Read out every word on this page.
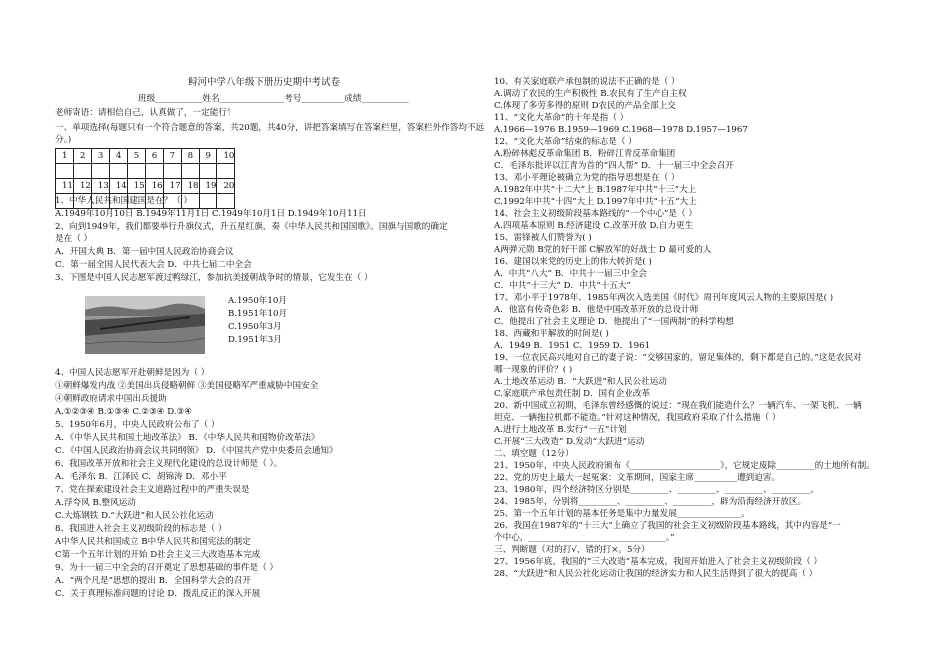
鲟河中学八年级下册历史期中考试卷
班级___________姓名_______________考号__________成绩___________
老师寄语：请相信自己，认真做了，一定能行！
一、单项选择(每题只有一个符合题意的答案，共20题，共40分，讲把答案填写在答案栏里，答案栏外作答均不远
分。)
1	2	3	4	5	6	7	8	9	10

11	12	13	14	15	16	17	18	19	20

1、中华人民共和国建国是在？（ ）
A.1949年10月10日 B.1949年11月1日 C.1949年10月1日 D.1949年10月11日
2、向到1949年，我们都要举行升旗仪式，升五星红旗，奏《中华人民共和国国歌》。国旗与国歌的确定
是在（ ）
A．开国大典 B．第一届中国人民政治协商会议
C．第一届全国人民代表大会 D．中共七届二中全会
3、下图是中国人民志愿军渡过鸭绿江，参加抗美援朝战争时的情景，它发生在（ ）
A.1950年10月
B.1951年10月
C.1950年3月
D.1951年3月
4、中国人民志愿军开赴朝鲜是因为（ ）
①朝鲜爆发内战 ②美国出兵侵略朝鲜 ③美国侵略军严重威胁中国安全
④朝鲜政府请求中国出兵援助
A.①②③④ B.①③④ C.②③④ D.③④
5、1950年6月，中央人民政府公布了（ ）
A．《中华人民共和国土地改革法》 B．《中华人民共和国物价改革法》
C．《中国人民政治协商会议共同纲领》 D．《中国共产党中央委员会通知》
6、我国改革开放和社会主义现代化建设的总设计师是（ ）。
A．毛泽东 B．江泽民 C．胡锦涛 D．邓小平
7、党在探索建设社会主义道路过程中的严重失误是
A.浮夸风 B.整风运动
C.大炼钢铁 D.“大跃进”和人民公社化运动
8、我国进入社会主义初级阶段的标志是（ ）
A中华人民共和国成立 B中华人民共和国宪法的制定
C第一个五年计划的开始 D社会主义三大改造基本完成
9、为十一届三中全会的召开奠定了思想基础的事件是（ ）
A．“两个凡是”思想的提出 B．全国科学大会的召开
C．关于真理标准问题的讨论 D．拨乱反正的深入开展
10、有关家庭联产承包制的说法不正确的是（ ）
A.调动了农民的生产积极性 B.农民有了生产自主权
C.体现了多劳多得的原则 D农民的产品全部上交
11、“文化大革命”的十年是指（ ）
A.1966—1976 B.1959—1969 C.1968—1978 D.1957—1967
12、“文化大革命”结束的标志是（ ）
A.粉碎林彪反革命集团 B．粉碎江青反革命集团
C．毛泽东批评以江青为首的“四人帮” D．十一届三中全会召开
13、邓小平理论被确立为党的指导思想是在（ ）
A.1982年中共“十二大”上 B.1987年中共“十三”大上
C.1992年中共“十四”大上 D.1997年中共“十五”大上
14、社会主义初级阶段基本路线的“一个中心”是（ ）
A.四项基本原则 B.经济建设 C.改革开放 D.自力更生
15、雷锋被人们赞誉为( )
A两弹元勋 B党的好干部 C解放军的好战士 D 最可爱的人
16、建国以来党的历史上的伟大转折是( )
A．中共“八大” B．中共十一届三中全会
C．中共“十三大” D．中共“十五大”
17、邓小平于1978年、1985年两次入选美国《时代》周刊年度风云人物的主要原因是( )
A．他富有传奇色彩 B．他是中国改革开放的总设计师
C．他提出了社会主义理论 D．他提出了“一国两制”的科学构想
18、西藏和平解放的时间是( )
A．1949 B．1951 C．1959 D．1961
19、一位农民高兴地对自己的妻子说：“交够国家的，留足集体的，剩下都是自己的。”这是农民对
哪一现象的评价？( )
A.土地改革运动 B．“大跃进”和人民公社运动
C.家庭联产承包责任制 D．国有企业改革
20、新中国成立初期，毛泽东曾经感慨的说过：“现在我们能造什么？一辆汽车、一架飞机、一辆
坦克、一辆拖拉机都不能造。”针对这种情况，我国政府采取了什么措施（ ）
A.进行土地改革 B.实行“一五”计划
C.开展“三大改造” D.发动“大跃进”运动
二、填空题（12分）
21、1950年，中央人民政府颁布《_____________________》，它规定废除_________的土地所有制。
22、党的历史上最大一起冤案：文革期间，国家主席__________遭到迫害。
23、1980年，四个经济特区分别是_________、_________、_________、_________。
24、1985年，分别将_________、_________、_________，辟为沿海经济开放区。
25、第一个五年计划的基本任务是集中力量发展_______________。
26、我国在1987年的“十三大”上确立了我国的社会主义初级阶段基本路线，其中内容是“一
个中心，________________________________。”
三、判断题（对的打√，错的打×。5分）
27、1956年底，我国的“三大改造”基本完成，我国开始进入了社会主义初级阶段（ ）
28、“大跃进”和人民公社化运动让我国的经济实力和人民生活得到了很大的提高（ ）
